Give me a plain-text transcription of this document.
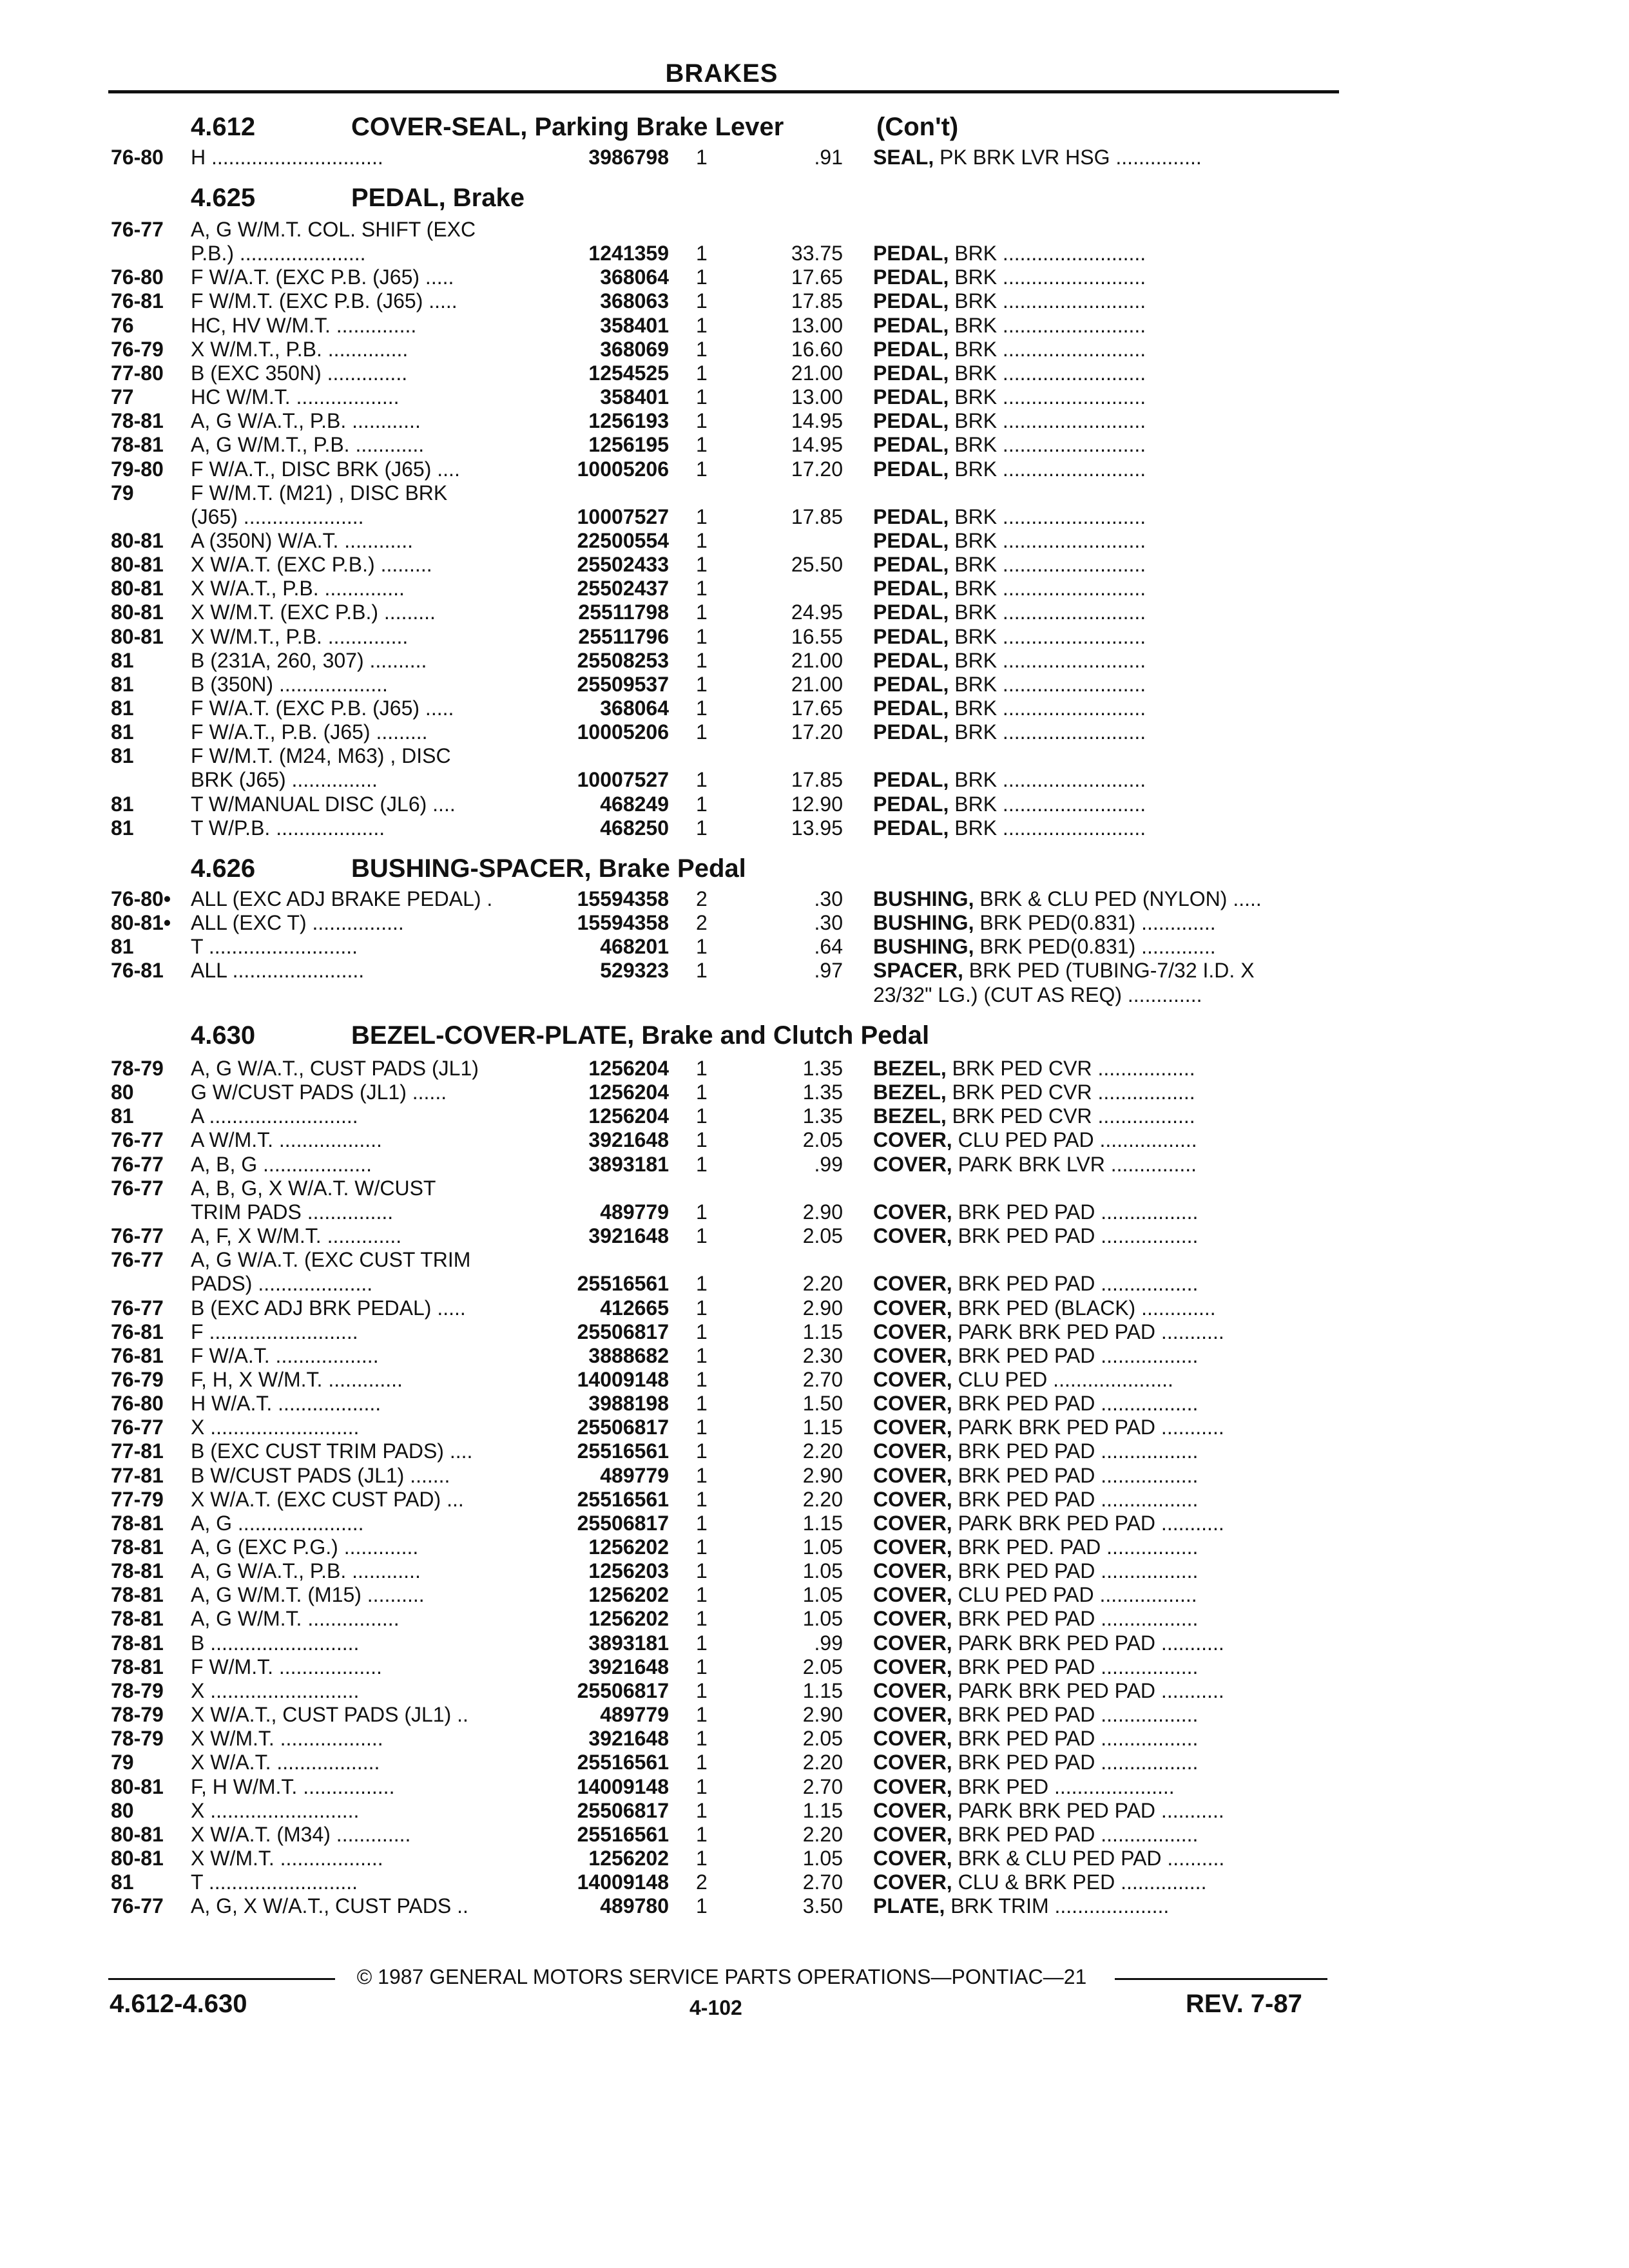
BRAKES
4.612	COVER-SEAL, Parking Brake Lever	(Con't)
76-80	H ..............................	3986798 1	.91 SEAL, PK BRK LVR HSG ...............
4.625	PEDAL, Brake
76-77	A, G W/M.T. COL. SHIFT (EXC
P.B.) ......................	1241359 1	33.75 PEDAL, BRK .........................
76-80	F W/A.T. (EXC P.B. (J65) .....	368064 1	17.65 PEDAL, BRK .........................
76-81	F W/M.T. (EXC P.B. (J65) .....	368063 1	17.85 PEDAL, BRK .........................
76	HC, HV W/M.T. ..............	358401 1	13.00 PEDAL, BRK .........................
76-79	X W/M.T., P.B. ..............	368069 1	16.60 PEDAL, BRK .........................
77-80	B (EXC 350N) ..............	1254525 1	21.00 PEDAL, BRK .........................
77	HC W/M.T. ..................	358401 1	13.00 PEDAL, BRK .........................
78-81	A, G W/A.T., P.B. ............	1256193 1	14.95 PEDAL, BRK .........................
78-81	A, G W/M.T., P.B. ............	1256195 1	14.95 PEDAL, BRK .........................
79-80	F W/A.T., DISC BRK (J65) ....	10005206 1	17.20 PEDAL, BRK .........................
79	F W/M.T. (M21) , DISC BRK
(J65) .....................	10007527 1	17.85 PEDAL, BRK .........................
80-81	A (350N) W/A.T. ............	22500554 1	PEDAL, BRK .........................
80-81	X W/A.T. (EXC P.B.) .........	25502433 1	25.50 PEDAL, BRK .........................
80-81	X W/A.T., P.B. ..............	25502437 1	PEDAL, BRK .........................
80-81	X W/M.T. (EXC P.B.) .........	25511798 1	24.95 PEDAL, BRK .........................
80-81	X W/M.T., P.B. ..............	25511796 1	16.55 PEDAL, BRK .........................
81	B (231A, 260, 307) ..........	25508253 1	21.00 PEDAL, BRK .........................
81	B (350N) ...................	25509537 1	21.00 PEDAL, BRK .........................
81	F W/A.T. (EXC P.B. (J65) .....	368064 1	17.65 PEDAL, BRK .........................
81	F W/A.T., P.B. (J65) .........	10005206 1	17.20 PEDAL, BRK .........................
81	F W/M.T. (M24, M63) , DISC
BRK (J65) ...............	10007527 1	17.85 PEDAL, BRK .........................
81	T W/MANUAL DISC (JL6) ....	468249 1	12.90 PEDAL, BRK .........................
81	T W/P.B. ...................	468250 1	13.95 PEDAL, BRK .........................
4.626	BUSHING-SPACER, Brake Pedal
76-80• ALL (EXC ADJ BRAKE PEDAL) .	15594358 2	.30 BUSHING, BRK & CLU PED (NYLON) .....
80-81• ALL (EXC T) ................	15594358 2	.30 BUSHING, BRK PED(0.831) .............
81	T ..........................	468201 1	.64 BUSHING, BRK PED(0.831) .............
76-81	ALL .......................	529323 1	.97 SPACER, BRK PED (TUBING-7/32 I.D. X
23/32" LG.) (CUT AS REQ) .............
4.630	BEZEL-COVER-PLATE, Brake and Clutch Pedal
78-79	A, G W/A.T., CUST PADS (JL1)	1256204 1	1.35 BEZEL, BRK PED CVR .................
80	G W/CUST PADS (JL1) ......	1256204 1	1.35 BEZEL, BRK PED CVR .................
81	A ..........................	1256204 1	1.35 BEZEL, BRK PED CVR .................
76-77	A W/M.T. ..................	3921648 1	2.05 COVER, CLU PED PAD .................
76-77	A, B, G ...................	3893181 1	.99 COVER, PARK BRK LVR ...............
76-77	A, B, G, X W/A.T. W/CUST
TRIM PADS ...............	489779 1	2.90 COVER, BRK PED PAD .................
76-77	A, F, X W/M.T. .............	3921648 1	2.05 COVER, BRK PED PAD .................
76-77	A, G W/A.T. (EXC CUST TRIM
PADS) ....................	25516561 1	2.20 COVER, BRK PED PAD .................
76-77	B (EXC ADJ BRK PEDAL) .....	412665 1	2.90 COVER, BRK PED (BLACK) .............
76-81	F ..........................	25506817 1	1.15 COVER, PARK BRK PED PAD ...........
76-81	F W/A.T. ..................	3888682 1	2.30 COVER, BRK PED PAD .................
76-79	F, H, X W/M.T. .............	14009148 1	2.70 COVER, CLU PED .....................
76-80	H W/A.T. ..................	3988198 1	1.50 COVER, BRK PED PAD .................
76-77	X ..........................	25506817 1	1.15 COVER, PARK BRK PED PAD ...........
77-81	B (EXC CUST TRIM PADS) ....	25516561 1	2.20 COVER, BRK PED PAD .................
77-81	B W/CUST PADS (JL1) .......	489779 1	2.90 COVER, BRK PED PAD .................
77-79	X W/A.T. (EXC CUST PAD) ...	25516561 1	2.20 COVER, BRK PED PAD .................
78-81	A, G ......................	25506817 1	1.15 COVER, PARK BRK PED PAD ...........
78-81	A, G (EXC P.G.) .............	1256202 1	1.05 COVER, BRK PED. PAD ................
78-81	A, G W/A.T., P.B. ............	1256203 1	1.05 COVER, BRK PED PAD .................
78-81	A, G W/M.T. (M15) ..........	1256202 1	1.05 COVER, CLU PED PAD .................
78-81	A, G W/M.T. ................	1256202 1	1.05 COVER, BRK PED PAD .................
78-81	B ..........................	3893181 1	.99 COVER, PARK BRK PED PAD ...........
78-81	F W/M.T. ..................	3921648 1	2.05 COVER, BRK PED PAD .................
78-79	X ..........................	25506817 1	1.15 COVER, PARK BRK PED PAD ...........
78-79	X W/A.T., CUST PADS (JL1) ..	489779 1	2.90 COVER, BRK PED PAD .................
78-79	X W/M.T. ..................	3921648 1	2.05 COVER, BRK PED PAD .................
79	X W/A.T. ..................	25516561 1	2.20 COVER, BRK PED PAD .................
80-81	F, H W/M.T. ................	14009148 1	2.70 COVER, BRK PED .....................
80	X ..........................	25506817 1	1.15 COVER, PARK BRK PED PAD ...........
80-81	X W/A.T. (M34) .............	25516561 1	2.20 COVER, BRK PED PAD .................
80-81	X W/M.T. ..................	1256202 1	1.05 COVER, BRK & CLU PED PAD ..........
81	T ..........................	14009148 2	2.70 COVER, CLU & BRK PED ...............
76-77	A, G, X W/A.T., CUST PADS ..	489780 1	3.50 PLATE, BRK TRIM ....................
© 1987 GENERAL MOTORS SERVICE PARTS OPERATIONS—PONTIAC—21
4.612-4.630	4-102	REV. 7-87
